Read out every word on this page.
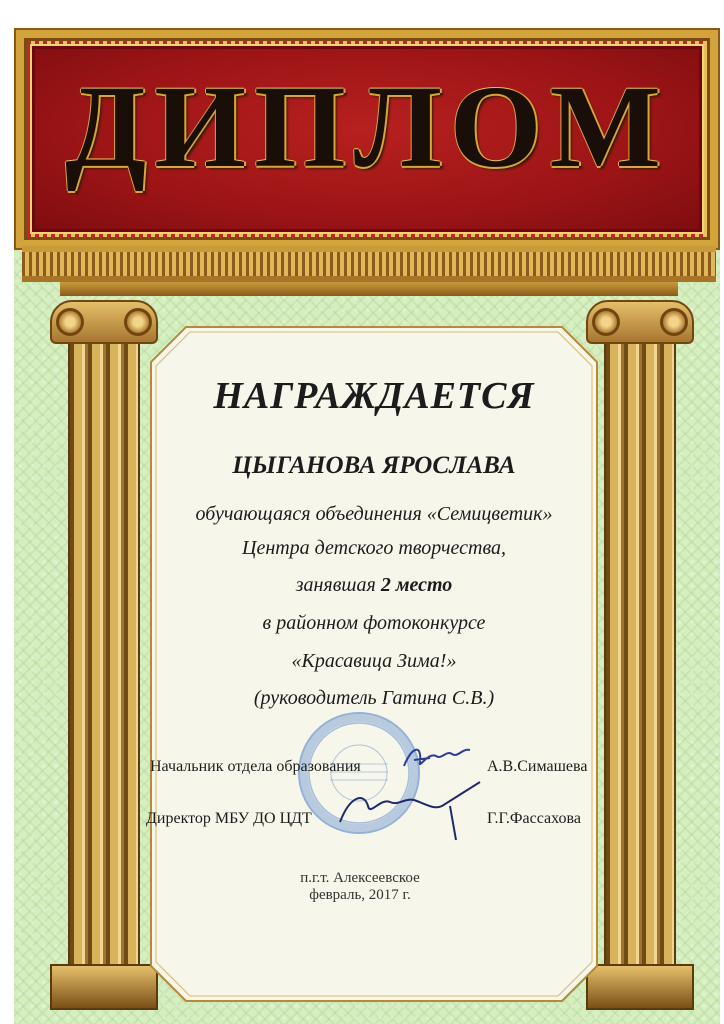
ДИПЛОМ
НАГРАЖДАЕТСЯ
ЦЫГАНОВА ЯРОСЛАВА
обучающаяся объединения «Семицветик»
Центра детского творчества,
занявшая 2 место
в районном фотоконкурсе
«Красавица Зима!»
(руководитель Гатина С.В.)
Начальник отдела образования	А.В.Симашева
Директор МБУ ДО ЦДТ	Г.Г.Фассахова
п.г.т. Алексеевское
февраль, 2017 г.
